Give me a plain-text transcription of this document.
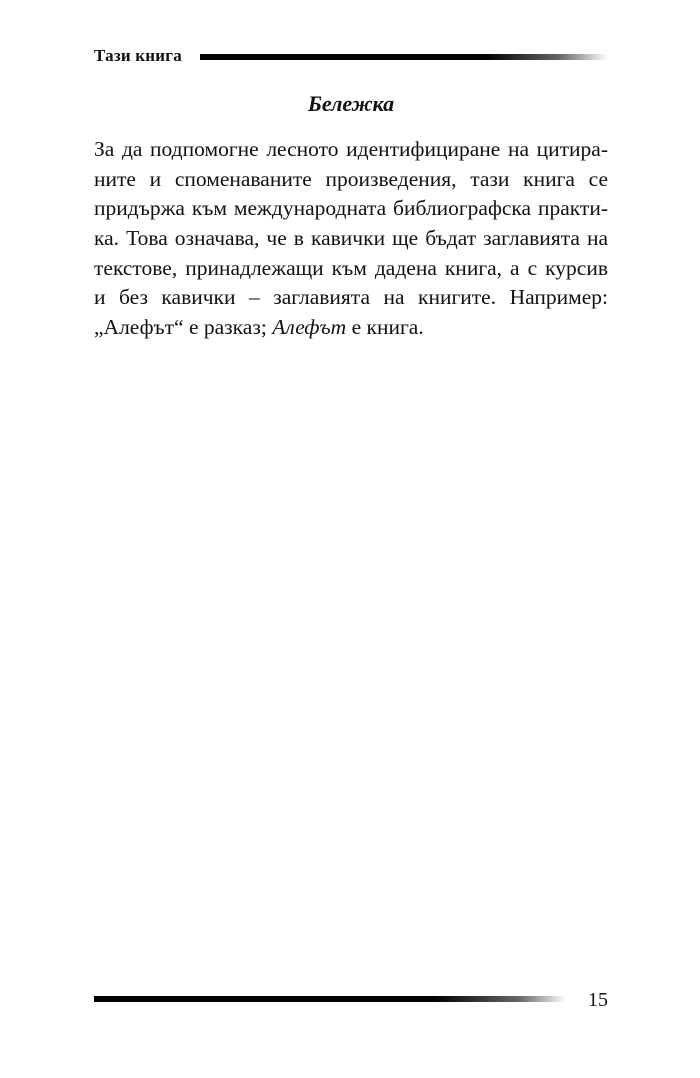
Тази книга
Бележка
За да подпомогне лесното идентифициране на цитира-
ните и споменаваните произведения, тази книга се
придържа към международната библиографска практи-
ка. Това означава, че в кавички ще бъдат заглавията на
текстове, принадлежащи към дадена книга, а с курсив
и без кавички – заглавията на книгите. Например:
„Алефът“ е разказ; Алефът е книга.
15
